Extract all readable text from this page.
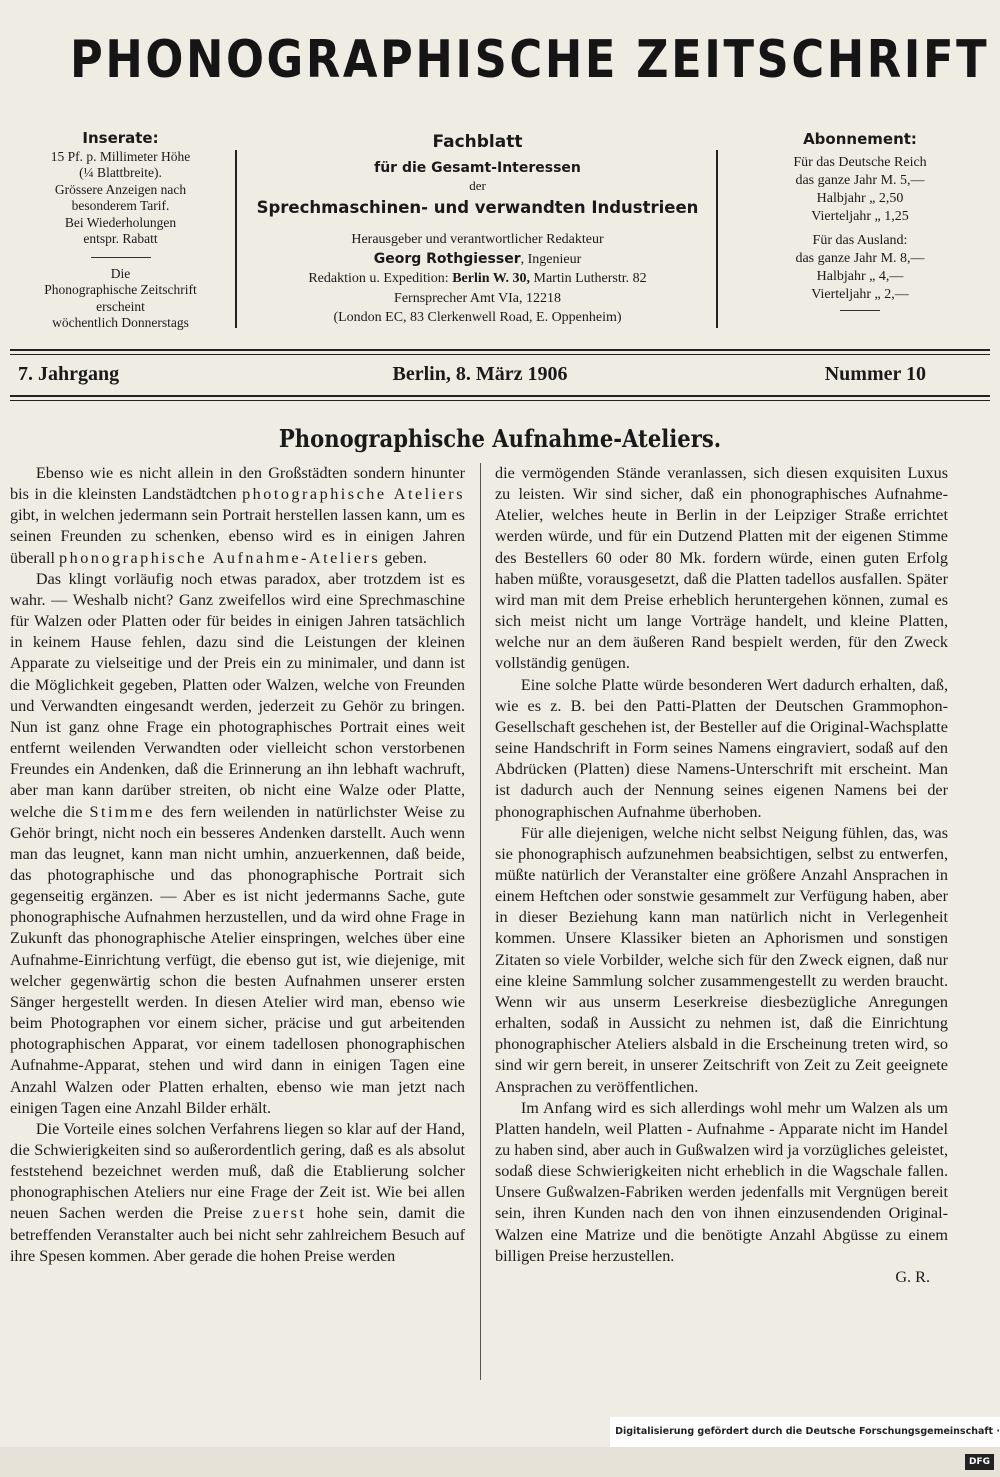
PHONOGRAPHISCHE ZEITSCHRIFT
Inserate:
15 Pf. p. Millimeter Höhe
(¼ Blattbreite).
Grössere Anzeigen nach
besonderem Tarif.
Bei Wiederholungen
entspr. Rabatt
Die
Phonographische Zeitschrift
erscheint
wöchentlich Donnerstags
Fachblatt
für die Gesamt-Interessen
der
Sprechmaschinen- und verwandten Industrieen
Herausgeber und verantwortlicher Redakteur
Georg Rothgiesser, Ingenieur
Redaktion u. Expedition: Berlin W. 30, Martin Lutherstr. 82
Fernsprecher Amt VIa, 12218
(London EC, 83 Clerkenwell Road, E. Oppenheim)
Abonnement:
Für das Deutsche Reich
das ganze Jahr M. 5,—
Halbjahr „ 2,50
Vierteljahr „ 1,25
Für das Ausland:
das ganze Jahr M. 8,—
Halbjahr „ 4,—
Vierteljahr „ 2,—
7. Jahrgang	Berlin, 8. März 1906	Nummer 10
Phonographische Aufnahme-Ateliers.

Ebenso wie es nicht allein in den Großstädten sondern hinunter bis in die kleinsten Landstädtchen photographische Ateliers gibt, in welchen jedermann sein Portrait herstellen lassen kann, um es seinen Freunden zu schenken, ebenso wird es in einigen Jahren überall phonographische Aufnahme-Ateliers geben.

Das klingt vorläufig noch etwas paradox, aber trotzdem ist es wahr. — Weshalb nicht? Ganz zweifellos wird eine Sprechmaschine für Walzen oder Platten oder für beides in einigen Jahren tatsächlich in keinem Hause fehlen, dazu sind die Leistungen der kleinen Apparate zu vielseitige und der Preis ein zu minimaler, und dann ist die Möglichkeit gegeben, Platten oder Walzen, welche von Freunden und Verwandten eingesandt werden, jederzeit zu Gehör zu bringen. Nun ist ganz ohne Frage ein photographisches Portrait eines weit entfernt weilenden Verwandten oder vielleicht schon verstorbenen Freundes ein Andenken, daß die Erinnerung an ihn lebhaft wachruft, aber man kann darüber streiten, ob nicht eine Walze oder Platte, welche die Stimme des fern weilenden in natürlichster Weise zu Gehör bringt, nicht noch ein besseres Andenken darstellt. Auch wenn man das leugnet, kann man nicht umhin, anzuerkennen, daß beide, das photographische und das phonographische Portrait sich gegenseitig ergänzen. — Aber es ist nicht jedermanns Sache, gute phonographische Aufnahmen herzustellen, und da wird ohne Frage in Zukunft das phonographische Atelier einspringen, welches über eine Aufnahme-Einrichtung verfügt, die ebenso gut ist, wie diejenige, mit welcher gegenwärtig schon die besten Aufnahmen unserer ersten Sänger hergestellt werden. In diesen Atelier wird man, ebenso wie beim Photographen vor einem sicher, präcise und gut arbeitenden photographischen Apparat, vor einem tadellosen phonographischen Aufnahme-Apparat, stehen und wird dann in einigen Tagen eine Anzahl Walzen oder Platten erhalten, ebenso wie man jetzt nach einigen Tagen eine Anzahl Bilder erhält.

Die Vorteile eines solchen Verfahrens liegen so klar auf der Hand, die Schwierigkeiten sind so außerordentlich gering, daß es als absolut feststehend bezeichnet werden muß, daß die Etablierung solcher phonographischen Ateliers nur eine Frage der Zeit ist. Wie bei allen neuen Sachen werden die Preise zuerst hohe sein, damit die betreffenden Veranstalter auch bei nicht sehr zahlreichem Besuch auf ihre Spesen kommen. Aber gerade die hohen Preise werden

die vermögenden Stände veranlassen, sich diesen exquisiten Luxus zu leisten. Wir sind sicher, daß ein phonographisches Aufnahme-Atelier, welches heute in Berlin in der Leipziger Straße errichtet werden würde, und für ein Dutzend Platten mit der eigenen Stimme des Bestellers 60 oder 80 Mk. fordern würde, einen guten Erfolg haben müßte, vorausgesetzt, daß die Platten tadellos ausfallen. Später wird man mit dem Preise erheblich heruntergehen können, zumal es sich meist nicht um lange Vorträge handelt, und kleine Platten, welche nur an dem äußeren Rand bespielt werden, für den Zweck vollständig genügen.

Eine solche Platte würde besonderen Wert dadurch erhalten, daß, wie es z. B. bei den Patti-Platten der Deutschen Grammophon-Gesellschaft geschehen ist, der Besteller auf die Original-Wachsplatte seine Handschrift in Form seines Namens eingraviert, sodaß auf den Abdrücken (Platten) diese Namens-Unterschrift mit erscheint. Man ist dadurch auch der Nennung seines eigenen Namens bei der phonographischen Aufnahme überhoben.

Für alle diejenigen, welche nicht selbst Neigung fühlen, das, was sie phonographisch aufzunehmen beabsichtigen, selbst zu entwerfen, müßte natürlich der Veranstalter eine größere Anzahl Ansprachen in einem Heftchen oder sonstwie gesammelt zur Verfügung haben, aber in dieser Beziehung kann man natürlich nicht in Verlegenheit kommen. Unsere Klassiker bieten an Aphorismen und sonstigen Zitaten so viele Vorbilder, welche sich für den Zweck eignen, daß nur eine kleine Sammlung solcher zusammengestellt zu werden braucht. Wenn wir aus unserm Leserkreise diesbezügliche Anregungen erhalten, sodaß in Aussicht zu nehmen ist, daß die Einrichtung phonographischer Ateliers alsbald in die Erscheinung treten wird, so sind wir gern bereit, in unserer Zeitschrift von Zeit zu Zeit geeignete Ansprachen zu veröffentlichen.

Im Anfang wird es sich allerdings wohl mehr um Walzen als um Platten handeln, weil Platten - Aufnahme - Apparate nicht im Handel zu haben sind, aber auch in Gußwalzen wird ja vorzügliches geleistet, sodaß diese Schwierigkeiten nicht erheblich in die Wagschale fallen. Unsere Gußwalzen-Fabriken werden jedenfalls mit Vergnügen bereit sein, ihren Kunden nach den von ihnen einzusendenden Original-Walzen eine Matrize und die benötigte Anzahl Abgüsse zu einem billigen Preise herzustellen.

G. R.

Digitalisierung gefördert durch die Deutsche Forschungsgemeinschaft ·DFG
